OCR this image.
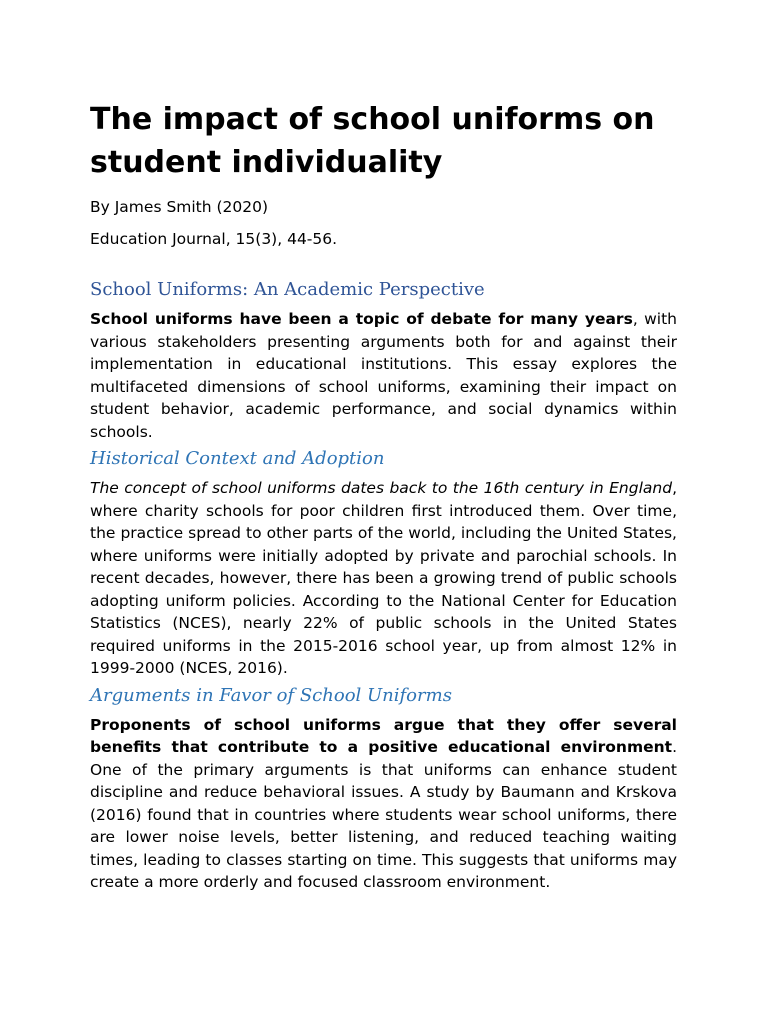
The impact of school uniforms on student individuality

By James Smith (2020)

Education Journal, 15(3), 44-56.

School Uniforms: An Academic Perspective

School uniforms have been a topic of debate for many years, with various stakeholders presenting arguments both for and against their implementation in educational institutions. This essay explores the multifaceted dimensions of school uniforms, examining their impact on student behavior, academic performance, and social dynamics within schools.

Historical Context and Adoption

The concept of school uniforms dates back to the 16th century in England, where charity schools for poor children first introduced them. Over time, the practice spread to other parts of the world, including the United States, where uniforms were initially adopted by private and parochial schools. In recent decades, however, there has been a growing trend of public schools adopting uniform policies. According to the National Center for Education Statistics (NCES), nearly 22% of public schools in the United States required uniforms in the 2015-2016 school year, up from almost 12% in 1999-2000 (NCES, 2016).

Arguments in Favor of School Uniforms

Proponents of school uniforms argue that they offer several benefits that contribute to a positive educational environment. One of the primary arguments is that uniforms can enhance student discipline and reduce behavioral issues. A study by Baumann and Krskova (2016) found that in countries where students wear school uniforms, there are lower noise levels, better listening, and reduced teaching waiting times, leading to classes starting on time. This suggests that uniforms may create a more orderly and focused classroom environment.
